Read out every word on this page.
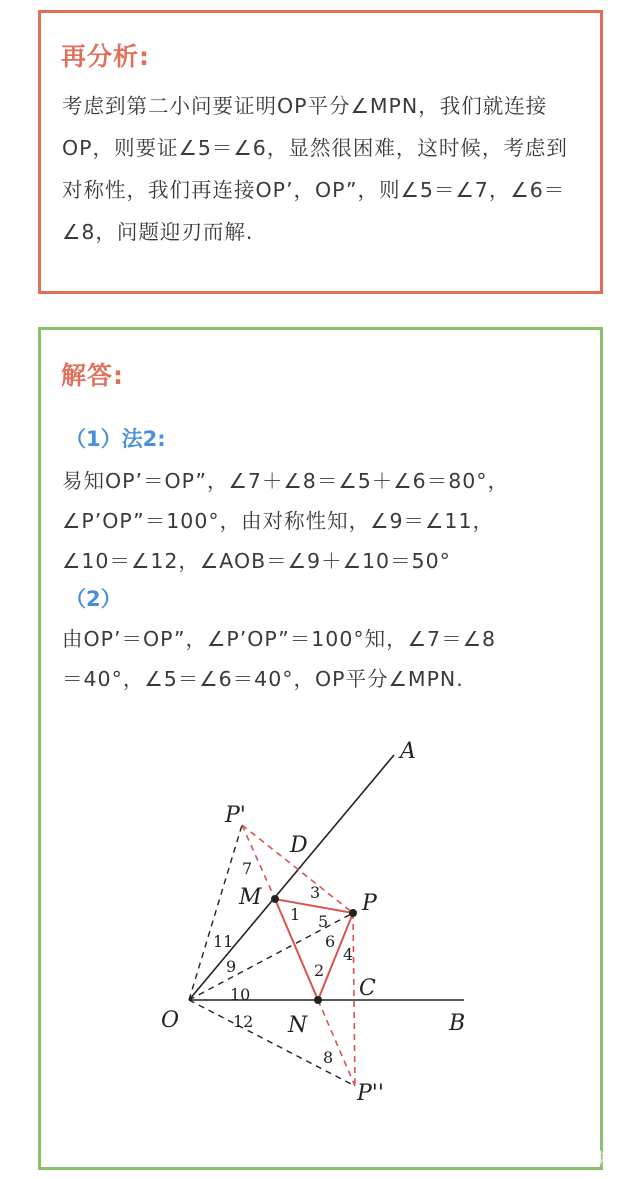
再分析:
考虑到第二小问要证明OP平分∠MPN，我们就连接OP，则要证∠5＝∠6，显然很困难，这时候，考虑到对称性，我们再连接OP’，OP”，则∠5＝∠7，∠6＝∠8，问题迎刃而解.
解答:
（1）法2:
易知OP’＝OP”，∠7＋∠8＝∠5＋∠6＝80°，
∠P’OP”＝100°，由对称性知，∠9＝∠11，
∠10＝∠12，∠AOB＝∠9＋∠10＝50°
（2）
由OP’＝OP”，∠P’OP”＝100°知，∠7＝∠8
＝40°，∠5＝∠6＝40°，OP平分∠MPN.
A
B
O
P
P'
P''
M
N
C
D
1
2
3
4
5
6
7
8
9
10
11
12
头条 @数学频道
